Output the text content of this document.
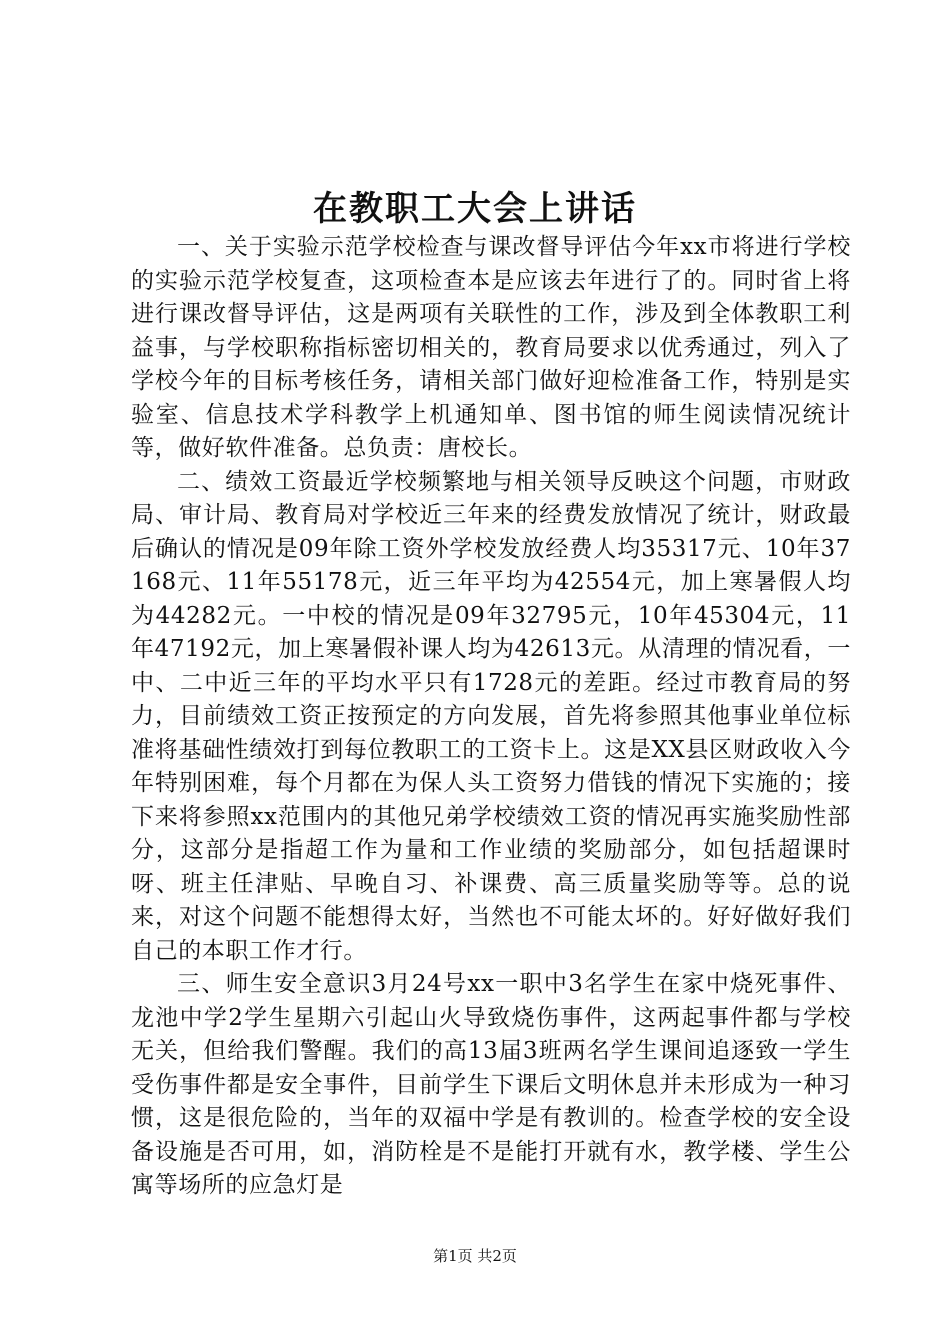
在教职工大会上讲话

一、关于实验示范学校检查与课改督导评估今年xx市将进行学校的实验示范学校复查，这项检查本是应该去年进行了的。同时省上将进行课改督导评估，这是两项有关联性的工作，涉及到全体教职工利益事，与学校职称指标密切相关的，教育局要求以优秀通过，列入了学校今年的目标考核任务，请相关部门做好迎检准备工作，特别是实验室、信息技术学科教学上机通知单、图书馆的师生阅读情况统计等，做好软件准备。总负责：唐校长。

二、绩效工资最近学校频繁地与相关领导反映这个问题，市财政局、审计局、教育局对学校近三年来的经费发放情况了统计，财政最后确认的情况是09年除工资外学校发放经费人均35317元、10年37168元、11年55178元，近三年平均为42554元，加上寒暑假人均为44282元。一中校的情况是09年32795元，10年45304元，11年47192元，加上寒暑假补课人均为42613元。从清理的情况看，一中、二中近三年的平均水平只有1728元的差距。经过市教育局的努力，目前绩效工资正按预定的方向发展，首先将参照其他事业单位标准将基础性绩效打到每位教职工的工资卡上。这是XX县区财政收入今年特别困难，每个月都在为保人头工资努力借钱的情况下实施的；接下来将参照xx范围内的其他兄弟学校绩效工资的情况再实施奖励性部分，这部分是指超工作为量和工作业绩的奖励部分，如包括超课时呀、班主任津贴、早晚自习、补课费、高三质量奖励等等。总的说来，对这个问题不能想得太好，当然也不可能太坏的。好好做好我们自己的本职工作才行。

三、师生安全意识3月24号xx一职中3名学生在家中烧死事件、龙池中学2学生星期六引起山火导致烧伤事件，这两起事件都与学校无关，但给我们警醒。我们的高13届3班两名学生课间追逐致一学生受伤事件都是安全事件，目前学生下课后文明休息并未形成为一种习惯，这是很危险的，当年的双福中学是有教训的。检查学校的安全设备设施是否可用，如，消防栓是不是能打开就有水，教学楼、学生公寓等场所的应急灯是

第1页 共2页
